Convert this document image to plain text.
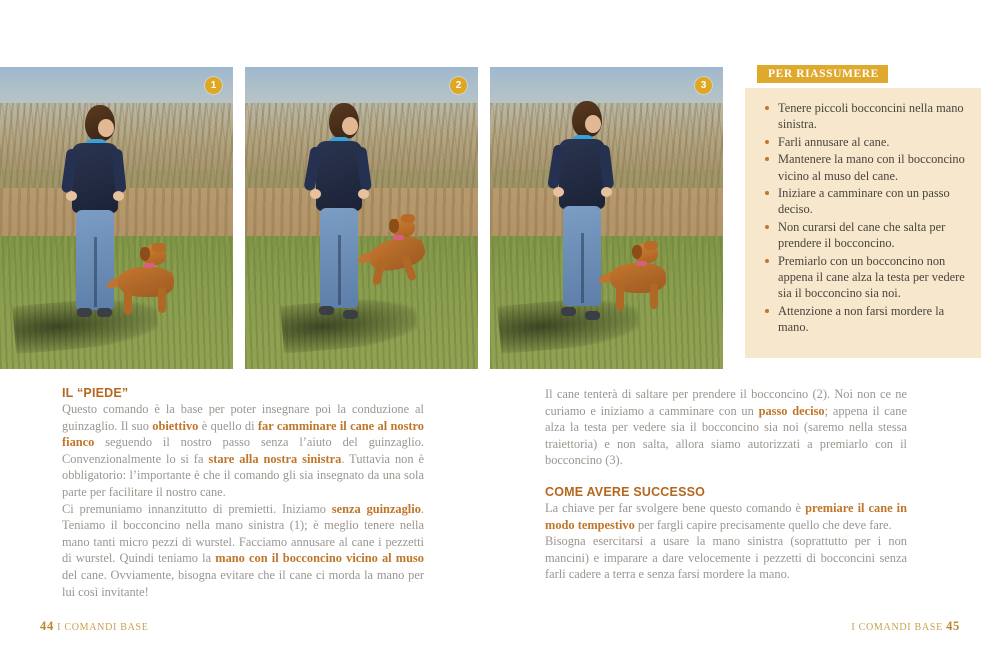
1	2	3
PER RIASSUMERE
Tenere piccoli bocconcini nella mano sinistra.
Farli annusare al cane.
Mantenere la mano con il bocconcino vicino al muso del cane.
Iniziare a camminare con un passo deciso.
Non curarsi del cane che salta per prendere il bocconcino.
Premiarlo con un bocconcino non appena il cane alza la testa per vedere sia il bocconcino sia noi.
Attenzione a non farsi mordere la mano.
IL “PIEDE”

Questo comando è la base per poter insegnare poi la conduzione al guinzaglio. Il suo obiettivo è quello di far camminare il cane al nostro fianco seguendo il nostro passo senza l’aiuto del guinzaglio. Convenzionalmente lo si fa stare alla nostra sinistra. Tuttavia non è obbligatorio: l’importante è che il comando gli sia insegnato da una sola parte per facilitare il nostro cane.

Ci premuniamo innanzitutto di premietti. Iniziamo senza guinzaglio. Teniamo il bocconcino nella mano sinistra (1); è meglio tenere nella mano tanti micro pezzi di wurstel. Facciamo annusare al cane i pezzetti di wurstel. Quindi teniamo la mano con il bocconcino vicino al muso del cane. Ovviamente, bisogna evitare che il cane ci morda la mano per lui così invitante!

Il cane tenterà di saltare per prendere il bocconcino (2). Noi non ce ne curiamo e iniziamo a camminare con un passo deciso; appena il cane alza la testa per vedere sia il bocconcino sia noi (saremo nella stessa traiettoria) e non salta, allora siamo autorizzati a premiarlo con il bocconcino (3).

COME AVERE SUCCESSO

La chiave per far svolgere bene questo comando è premiare il cane in modo tempestivo per fargli capire precisamente quello che deve fare.

Bisogna esercitarsi a usare la mano sinistra (soprattutto per i non mancini) e imparare a dare velocemente i pezzetti di bocconcini senza farli cadere a terra e senza farsi mordere la mano.

44 I COMANDI BASE	I COMANDI BASE 45
